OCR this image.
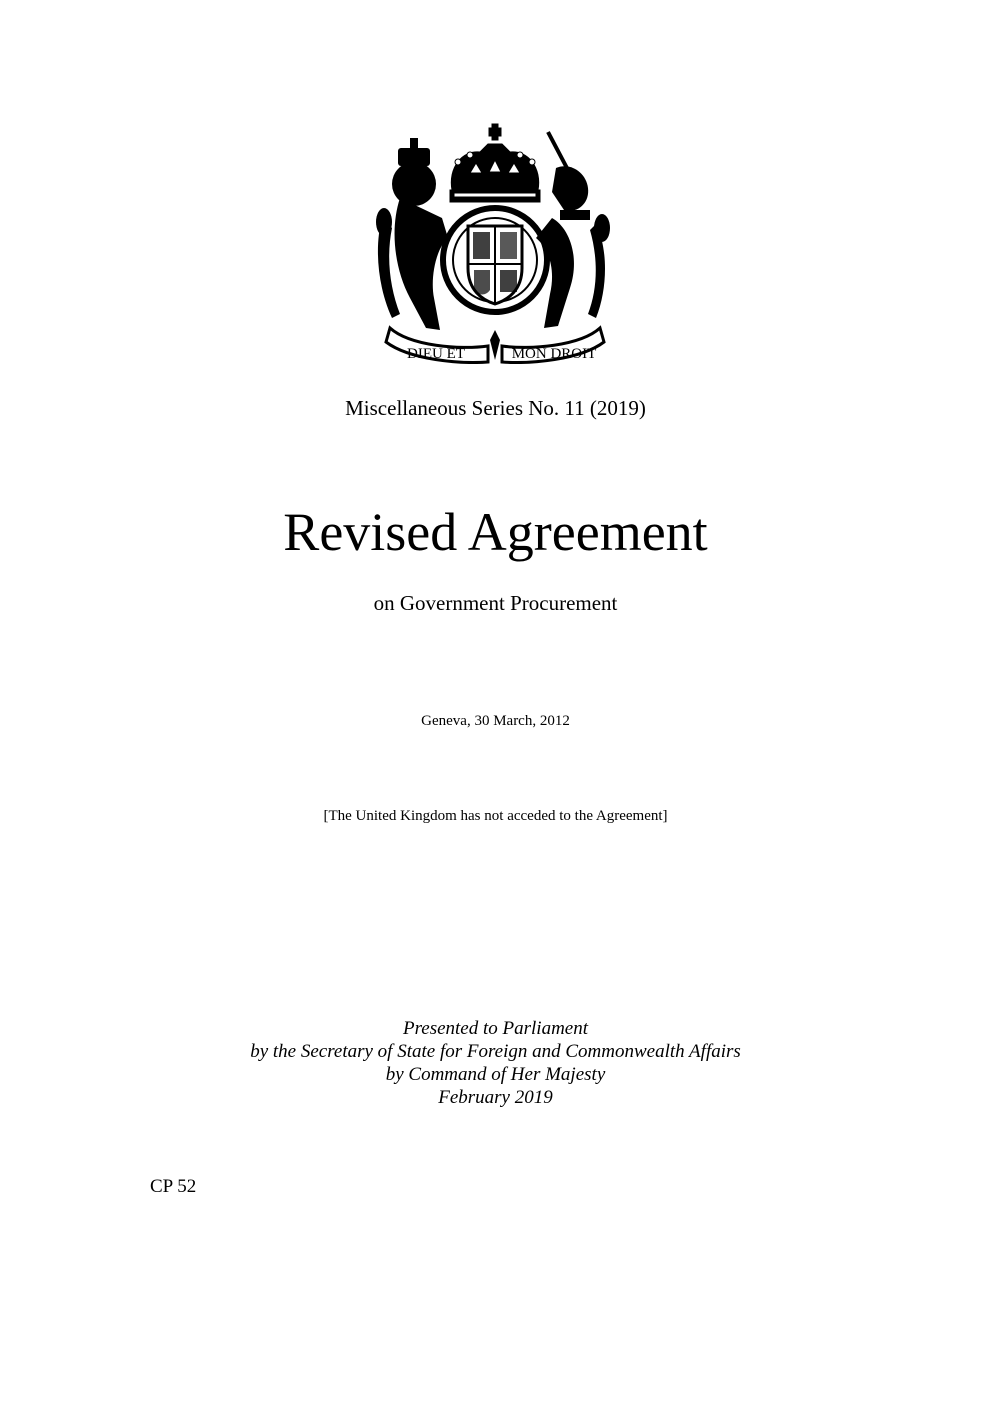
DIEU ET	MON DROIT
Miscellaneous Series No. 11 (2019)
Revised Agreement
on Government Procurement
Geneva, 30 March, 2012
[The United Kingdom has not acceded to the Agreement]
Presented to Parliament
by the Secretary of State for Foreign and Commonwealth Affairs
by Command of Her Majesty
February 2019
CP 52
